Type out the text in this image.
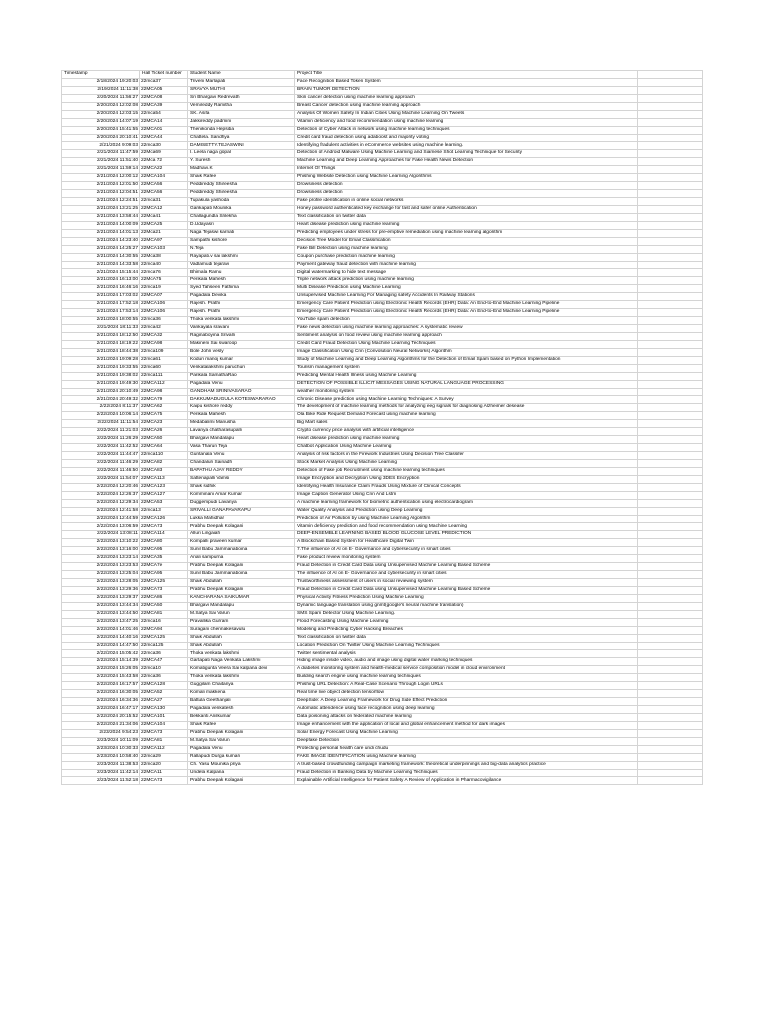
Timestamp	Hall Ticket number	Student Name	Project Title	
2/18/2024 19:20:03	22mca37	Triveni Marlapati	Face Recognition Based Token System	
2/19/2024 11:11:38	22MCA05	SRAVYA MUTHI	BRAIN TUMOR DETECTION	
2/20/2024 11:56:27	22MCA08	Sri Bhargavi Redrevath	Skin cancer detection using machine learning approach	
2/20/2024 12:02:08	22MCA39	Vemireddy Ramitha	Breast Cancer detection using machine learning approach	
2/20/2024 12:03:15	22mca54	SK. Asifa	Analysis Of Women Safety In Indian Cities Using Machine Learning On Tweets	
2/20/2024 14:07:19	22MCA14	Jakkireddy padmini	Vitamin deficiency and food recommendation using machine learning	
2/20/2024 15:41:55	22MCA01	Thenikonda Hepsiba	Detection of Cyber Attack in network using machine learning techniques	
2/20/2024 20:10:41	22MCA44	Chattela. Sandhya	Credit card fraud detection using adaboost and majority voting	
2/21/2024 9:09:03	22mca30	DAMISETTY.TEJASWINI	Identifying fradulent activities in eCommerce websites using machine learning.	
2/21/2024 11:47:59	22Mca69	I. Leela naga gopal	Detection of Android Malware Using Machine Learning and Siamese Shot Learning Technique for Security	
2/21/2024 11:51:40	22Mca 72	Y. Suresh	Machine Learning and Deep Learning Approaches for Fake Health News Detection	
2/21/2024 11:59:14	22MCA22	Madhavi.K	Internet Of Things	
2/21/2024 12:00:12	22MCA104	Shaik Rafee	Phishing Website Detection using Machine Learning Algorithms	
2/21/2024 12:01:50	22MCA56	Peddireddy Shireesha	Drowsiness detection	
2/21/2024 12:04:51	22MCA56	Peddireddy Shireesha	Drowsiness detection	
2/21/2024 12:24:51	22mca31	Tupakula yashoda	Fake profile identification in online social networks	
2/21/2024 13:21:25	22MCA12	Garikapati Mounika	Honey password authenticated key exchange for fast and safer online Authentication	
2/21/2024 13:58:44	22Mca41	Challagundla Srilekha	Text classification on twitter data	
2/21/2024 14:00:09	22MCA25	D.Udayasri	Heart disease prediction using machine learning	
2/21/2024 14:01:13	22Mca21	Naga Tejaswi karnati	Predicting employees under stress for pre-emptive remediation using machine learning algorithm	
2/21/2024 14:23:40	22MCA97	Sampathi kishore	Decision Tree Model for Email Classification	
2/21/2024 14:25:27	22MCA103	N.Teja	Fake Bill Detection using machine learning	
2/21/2024 14:30:55	22Mca38	Rayapati.v sai lakshmi	Coupon purchase prediction machine learning	
2/21/2024 14:33:58	22mca40	Vadlamudi tejaravi	Payment gateway fraud detection with machine learning	
2/21/2024 15:15:44	22mca76	Bhimala Ramu	Digital watermarking to hide text message	
2/21/2024 16:13:00	22McA75	Perikala Mahesh	Triple network attack prediction using machine learning	
2/21/2024 16:46:16	22mca19	Syed Tahseen Fathima	Multi Disease Prediction using Machine Learning	
2/21/2024 17:03:02	22MCA07	Pagadala Devika	Unsupervised Machine Learning For Managing safety Accidents In Railway Stations	
2/21/2024 17:52:18	22MCA106	Rajesh. Prathi	Emergency Care Patient Prediction using Electronic Health Records (EHR) Data: An End-to-End Machine Learning Pipeline	
2/21/2024 17:53:14	22MCA106	Rajesh. Prathi	Emergency Care Patient Prediction using Electronic Health Records (EHR) Data: An End-to-End Machine Learning Pipeline	
2/21/2024 18:00:55	22mca36	Thoka venkata lakshmi	YouTube spam detection	
2/21/2024 18:11:33	22mca42	Vankayala sravani	Fake news detection using machine learning approaches: A systematic review	
2/21/2024 18:12:50	22MCA32	Raginaboyina Srivalli	Sentiment analysis on food review using machine learning approach	
2/21/2024 18:19:22	22MCA98	Makineni Sai swaroop	Credit Card Fraud Detection Using Machine Learning Techniques	
2/21/2024 18:44:38	22mca109	Bole John vesly	Image Classification Using Cnn (Convolution Neural Networks) Algorithm	
2/21/2024 19:09:28	22mca61	Koduri manoj kumar	Study of Machine Learning and Deep Learning Algorithms for the Detection of Email Spam based on Python Implementation	
2/21/2024 19:33:55	22mca60	Venkatalakshmi paruchuri	Tourism management system	
2/21/2024 19:38:02	22mca111	Parikala SamathaRao	Predicting Mental Health Illness using Machine Learning	
2/21/2024 19:49:30	22MCA112	Pagadala Venu	DETECTION OF POSSIBLE ILLICIT MESSAGES USING NATURAL LANGUAGE PROCESSING	
2/21/2024 20:10:49	22MCA98	GANDHAM SRINIVASARAO	weather monitoring system	
2/21/2024 20:49:32	22MCA79	DAKKUMADUGULA KOTESWARARAO	Chronic Disease prediction using Machine Learning Techniques: A Survey	
2/22/2024 8:11:37	22MCA62	Kaipu kishore reddy	The development of machine learning methods for analyzing eeg signals for diagnosing Alzheimer desease	
2/22/2024 10:06:14	22MCA75	Perikala Mahesh	Ola Bike Ride Request Demand Forecast using machine learning	
2/22/2024 11:11:54	22MCA23	Medabalimi Manusha	Big Mart sales	
2/22/2024 11:21:03	22MCA26	Lavanya chatharasupalli	Crypto currency price analysis with artificial intelligence	
2/22/2024 11:26:29	22MCA50	Bhargavi Mandalapu	Heart disease prediction using machine learning	
2/22/2024 11:42:52	22MCA64	Vasa Tharun Teja	Chatbot Application Using Machine Learning	
2/22/2024 11:44:47	22mca110	Guntanala Venu	Analysis of risk factors in the Firework Industries Using Decision Tree Classifer	
2/22/2024 11:46:29	22MCA82	Chandaluri Sainadh	Stock Market Analysis Using Machine Learning	
2/22/2024 11:46:50	22MCA83	BAPATHU AJAY REDDY	Detection of Fake job Recruitment using machine learning techniques	
2/22/2024 11:54:07	22MCA113	Sattenapalli Vamsi	Image Encryption and Decryption Using 3DES Encryption	
2/22/2024 12:20:46	22MCA123	Shaik sidhik	Identifying Health Insurance Claim Frauds Using Mixture of Clinical Concepts	
2/22/2024 12:26:37	22MCA127	Komminani Amar Kumar	Image Caption Generator Using Cnn And Lstm	
2/22/2024 12:29:34	22MCA53	Duggempudi Lavanya	A machine learning framework for biometric authentication using electrocardiogram	
2/22/2024 12:41:58	22mca13	SRIVALLI GANAPAVARAPU	Water Quality Analysis and Prediction using Deep Learning	
2/22/2024 12:44:59	22MCA126	Lukka Mahidhar	Prediction of Air Pollution by using Machine Learning Algorithm	
2/22/2024 13:06:59	22MCA73	Prabhu Deepak Kolagani	Vitamin deficiency prediction and food recommendation using Machine Learning	
2/22/2024 13:08:11	22MCA114	Alluri Lingaiah	DEEP-ENSEMBLE LEARNING BASED BLOOD GLUCOSE LEVEL PREDICTION	
2/22/2024 13:10:22	22MCA80	Kompalli praveen kumar	A Blockchain Based System for Healthcare Digital Twin	
2/22/2024 13:16:00	22MCA95	Sunil Babu Jammanaboina	7.The influence of AI on E- Governance and cybersecurity in smart cities	
2/22/2024 13:23:14	22MCA35	Anali sampurna	Fake product review monitoring system	
2/22/2024 13:23:53	22MCA7e	Prabhu Deepak Kolagani	Fraud Detection in Credit Card Data using Unsupervised Machine Learning Based Scheme	
2/22/2024 13:25:04	22MCA95	Sunil Babu Jammanaboina	The influence of AI on E- Governance and cybersecurity in smart cities	
2/22/2024 13:28:05	22MCA125	Shaik Abdullah	Trustworthiness assessment of users in social reviewing system	
2/22/2024 13:29:36	22MCA73	Prabhu Deepak Kolagani	Fraud Detection in Credit Card Data using Unsupervised Machine Learning Based Scheme	
2/22/2024 13:29:37	22MCA86	KANCHARANA SAIKUMAR	Physical Activity Fitness Prediction Using Machine Learning	
2/22/2024 13:44:34	22MCA50	Bhargavi Mandalapu	Dynamic language translation using gnmt(google's neural machine translation)	
2/22/2024 13:44:50	22MCA81	M.Satya Sai Varun	SMS Spam Detector Using Machine Learning.	
2/22/2024 13:47:25	22mca16	Pravallika Gurram	Flood Forecasting Using Machine Learning	
2/22/2024 14:01:46	22MCA94	Suragani chennakesavulu	Modeling and Predicting Cyber Hacking Breaches	
2/22/2024 14:40:16	22MCA125	Shaik Abdullah	Text classification on twitter data	
2/22/2024 14:47:50	22mca125	Shaik Abdullah	Location Prediction On Twitter Using Machine Learning Techniques	
2/22/2024 15:05:42	22mca36	Thoka venkata lakshmi	Twitter sentimental analysis	
2/22/2024 15:14:39	22MCA47	Gartapati Naga Venkata Lakshmi	Hiding image inside video, audio and image using digital water marking techniques	
2/22/2024 15:26:05	22mca10	Komatigunta Veera Sai kalpana devi	A diabetes monitoring system and health-medical service composition model in cloud environment	
2/22/2024 15:43:58	22mca36	Thoka venkata lakshmi	Building search engine using machine learning techniques	
2/22/2024 16:17:57	22MCA128	Guggilam Chaitanya	Phishing URL Detection: A Real-Case Scenario Through Login URLs	
2/22/2024 16:30:05	22MCA52	Komali makkena	Real time live object detection tensorflow	
2/22/2024 16:34:36	22MCA27	Battula Geethanjali	DeepSide: A Deep Learning Framework for Drug Side Effect Prediction	
2/22/2024 16:47:17	22MCA130	Pagadala venkatesh	Automatic attendence using face recognition using deep learning	
2/22/2024 20:15:52	22MCA101	Bekkanti Anilkumar	Data poisoning attacks on federated machine learning	
2/22/2024 21:34:06	22MCA104	Shaik Rafee	Image enhancement with the application of local and global enhancement method for dark images	
2/23/2024 9:54:23	22MCA73	Prabhu Deepak Kolagani	Solar Energy Forecast Using Machine Learning	
2/23/2024 10:11:09	22MCA81	M.Satya Sai Varun	Deepfake Detection	
2/23/2024 10:30:33	22MCA112	Pagadala Venu	Protecting personal health care undi chudu	
2/23/2024 10:58:40	22mca29	Rallapudi Durga kumari	FAKE IMAGE IDENTIFICATION using Machine learning	
2/23/2024 11:38:53	22mca20	Ch. Yasu Mounika priya	A trust-based crowdfunding campaign marketing framework: theoretical underpinnings and big-data analytics practice	
2/23/2024 11:42:14	22MCA11	Undela Kalpana	Fraud Detection in Banking Data by Machine Learning Techniques	
2/23/2024 11:52:18	22MCA73	Prabhu Deepak Kolagani	Explainable Artificial Intelligence for Patient Safety A Review of Application in Pharmacovigilance	
